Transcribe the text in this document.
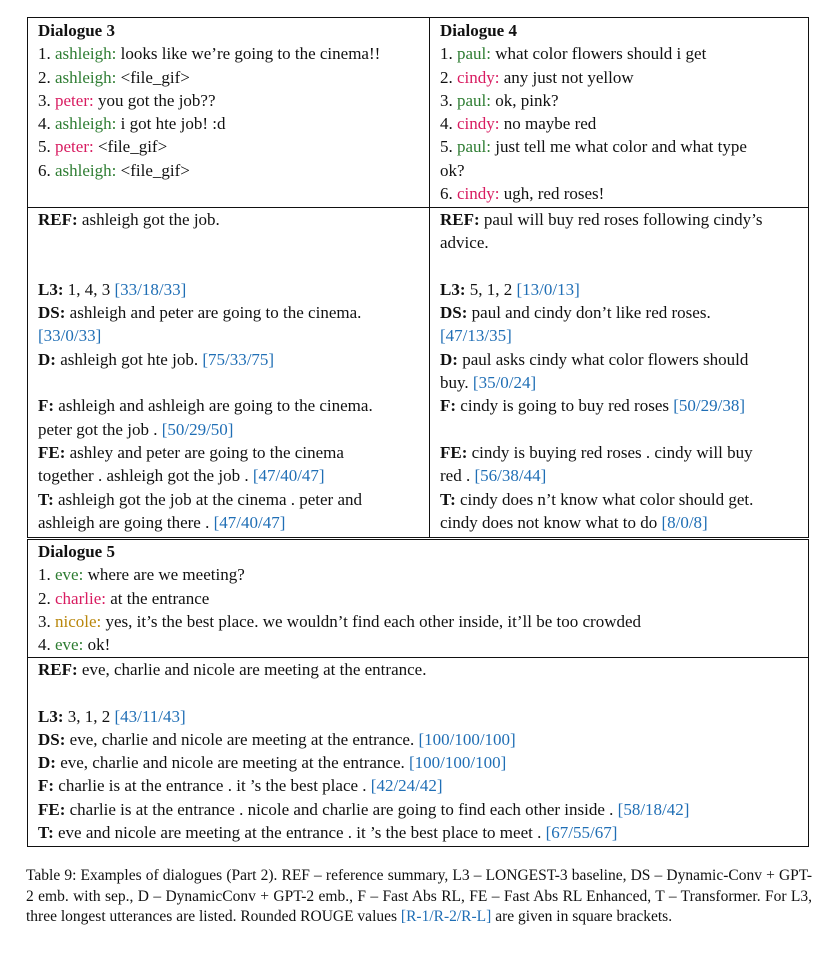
Dialogue 3
1. ashleigh: looks like we’re going to the cinema!!
2. ashleigh: <file_gif>
3. peter: you got the job??
4. ashleigh: i got hte job! :d
5. peter: <file_gif>
6. ashleigh: <file_gif>
Dialogue 4
1. paul: what color flowers should i get
2. cindy: any just not yellow
3. paul: ok, pink?
4. cindy: no maybe red
5. paul: just tell me what color and what type
ok?
6. cindy: ugh, red roses!
REF: ashleigh got the job.
L3: 1, 4, 3 [33/18/33]
DS: ashleigh and peter are going to the cinema.
[33/0/33]
D: ashleigh got hte job. [75/33/75]
F: ashleigh and ashleigh are going to the cinema.
peter got the job . [50/29/50]
FE: ashley and peter are going to the cinema
together . ashleigh got the job . [47/40/47]
T: ashleigh got the job at the cinema . peter and
ashleigh are going there . [47/40/47]
REF: paul will buy red roses following cindy’s
advice.
L3: 5, 1, 2 [13/0/13]
DS: paul and cindy don’t like red roses.
[47/13/35]
D: paul asks cindy what color flowers should
buy. [35/0/24]
F: cindy is going to buy red roses [50/29/38]
FE: cindy is buying red roses . cindy will buy
red . [56/38/44]
T: cindy does n’t know what color should get.
cindy does not know what to do [8/0/8]
Dialogue 5
1. eve: where are we meeting?
2. charlie: at the entrance
3. nicole: yes, it’s the best place. we wouldn’t find each other inside, it’ll be too crowded
4. eve: ok!
REF: eve, charlie and nicole are meeting at the entrance.
L3: 3, 1, 2 [43/11/43]
DS: eve, charlie and nicole are meeting at the entrance. [100/100/100]
D: eve, charlie and nicole are meeting at the entrance. [100/100/100]
F: charlie is at the entrance . it ’s the best place . [42/24/42]
FE: charlie is at the entrance . nicole and charlie are going to find each other inside . [58/18/42]
T: eve and nicole are meeting at the entrance . it ’s the best place to meet . [67/55/67]
Table 9: Examples of dialogues (Part 2). REF – reference summary, L3 – LONGEST-3 baseline, DS – Dynamic-Conv + GPT-2 emb. with sep., D – DynamicConv + GPT-2 emb., F – Fast Abs RL, FE – Fast Abs RL Enhanced, T – Transformer. For L3, three longest utterances are listed. Rounded ROUGE values [R-1/R-2/R-L] are given in square brackets.
